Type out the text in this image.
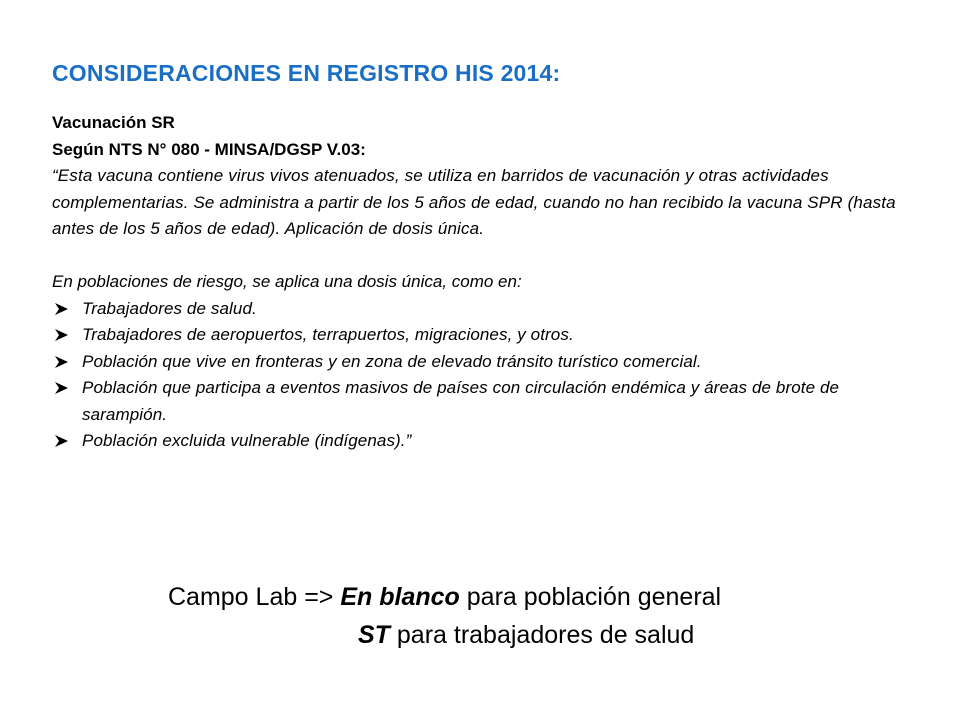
CONSIDERACIONES EN REGISTRO HIS 2014:
Vacunación SR
Según NTS N° 080 - MINSA/DGSP V.03:
“Esta vacuna contiene virus vivos atenuados, se utiliza en barridos de vacunación y otras actividades complementarias. Se administra a partir de los 5 años de edad, cuando no han recibido la vacuna SPR (hasta antes de los 5 años de edad). Aplicación de dosis única.
En poblaciones de riesgo, se aplica una dosis única, como en:
Trabajadores de salud.
Trabajadores de aeropuertos, terrapuertos, migraciones, y otros.
Población que vive en fronteras y en zona de elevado tránsito turístico comercial.
Población que participa a eventos masivos de países con circulación endémica y áreas de brote de sarampión.
Población excluida vulnerable (indígenas).”
Campo Lab => En blanco para población general
ST para trabajadores de salud
